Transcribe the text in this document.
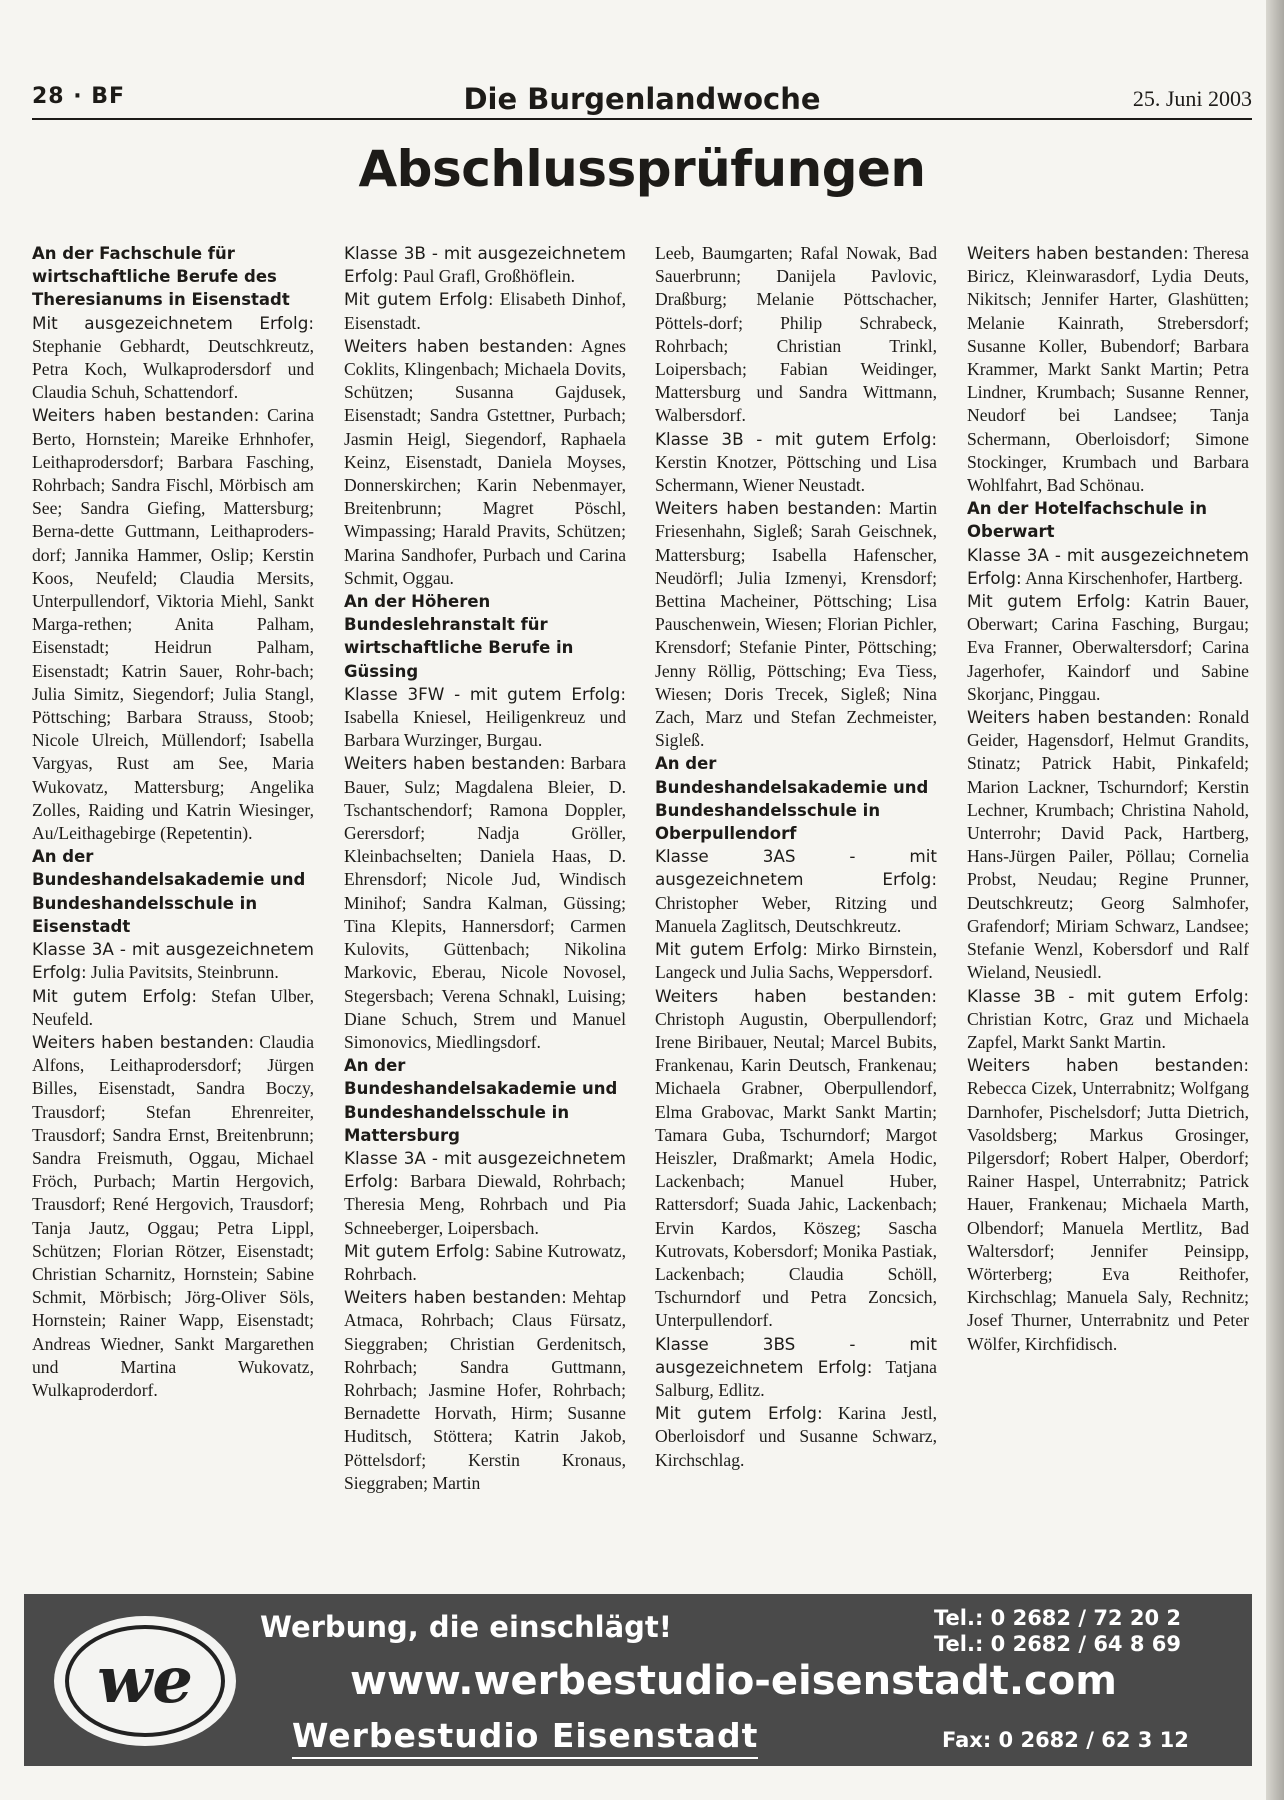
28 · BF	Die Burgenlandwoche	25. Juni 2003
Abschlussprüfungen
An der Fachschule für wirtschaftliche Berufe des Theresianums in Eisenstadt
Mit ausgezeichnetem Erfolg: Stephanie Gebhardt, Deutschkreutz, Petra Koch, Wulkaprodersdorf und Claudia Schuh, Schattendorf.
Weiters haben bestanden: Carina Berto, Hornstein; Mareike Erhnhofer, Leithaprodersdorf; Barbara Fasching, Rohrbach; Sandra Fischl, Mörbisch am See; Sandra Giefing, Mattersburg; Berna-dette Guttmann, Leithaproders-dorf; Jannika Hammer, Oslip; Kerstin Koos, Neufeld; Claudia Mersits, Unterpullendorf, Viktoria Miehl, Sankt Marga-rethen; Anita Palham, Eisenstadt; Heidrun Palham, Eisenstadt; Katrin Sauer, Rohr-bach; Julia Simitz, Siegendorf; Julia Stangl, Pöttsching; Barbara Strauss, Stoob; Nicole Ulreich, Müllendorf; Isabella Vargyas, Rust am See, Maria Wukovatz, Mattersburg; Angelika Zolles, Raiding und Katrin Wiesinger, Au/Leithagebirge (Repetentin).
An der Bundeshandelsakademie und Bundeshandelsschule in Eisenstadt
Klasse 3A - mit ausgezeichnetem Erfolg: Julia Pavitsits, Steinbrunn.
Mit gutem Erfolg: Stefan Ulber, Neufeld.
Weiters haben bestanden: Claudia Alfons, Leithaprodersdorf; Jürgen Billes, Eisenstadt, Sandra Boczy, Trausdorf; Stefan Ehrenreiter, Trausdorf; Sandra Ernst, Breitenbrunn; Sandra Freismuth, Oggau, Michael Fröch, Purbach; Martin Hergovich, Trausdorf; René Hergovich, Trausdorf; Tanja Jautz, Oggau; Petra Lippl, Schützen; Florian Rötzer, Eisenstadt; Christian Scharnitz, Hornstein; Sabine Schmit, Mörbisch; Jörg-Oliver Söls, Hornstein; Rainer Wapp, Eisenstadt; Andreas Wiedner, Sankt Margarethen und Martina Wukovatz, Wulkaproderdorf.
Klasse 3B - mit ausgezeichnetem Erfolg: Paul Grafl, Großhöflein.
Mit gutem Erfolg: Elisabeth Dinhof, Eisenstadt.
Weiters haben bestanden: Agnes Coklits, Klingenbach; Michaela Dovits, Schützen; Susanna Gajdusek, Eisenstadt; Sandra Gstettner, Purbach; Jasmin Heigl, Siegendorf, Raphaela Keinz, Eisenstadt, Daniela Moyses, Donnerskirchen; Karin Nebenmayer, Breitenbrunn; Magret Pöschl, Wimpassing; Harald Pravits, Schützen; Marina Sandhofer, Purbach und Carina Schmit, Oggau.
An der Höheren Bundeslehranstalt für wirtschaftliche Berufe in Güssing
Klasse 3FW - mit gutem Erfolg: Isabella Kniesel, Heiligenkreuz und Barbara Wurzinger, Burgau.
Weiters haben bestanden: Barbara Bauer, Sulz; Magdalena Bleier, D. Tschantschendorf; Ramona Doppler, Gerersdorf; Nadja Gröller, Kleinbachselten; Daniela Haas, D. Ehrensdorf; Nicole Jud, Windisch Minihof; Sandra Kalman, Güssing; Tina Klepits, Hannersdorf; Carmen Kulovits, Güttenbach; Nikolina Markovic, Eberau, Nicole Novosel, Stegersbach; Verena Schnakl, Luising; Diane Schuch, Strem und Manuel Simonovics, Miedlingsdorf.
An der Bundeshandelsakademie und Bundeshandelsschule in Mattersburg
Klasse 3A - mit ausgezeichnetem Erfolg: Barbara Diewald, Rohrbach; Theresia Meng, Rohrbach und Pia Schneeberger, Loipersbach.
Mit gutem Erfolg: Sabine Kutrowatz, Rohrbach.
Weiters haben bestanden: Mehtap Atmaca, Rohrbach; Claus Fürsatz, Sieggraben; Christian Gerdenitsch, Rohrbach; Sandra Guttmann, Rohrbach; Jasmine Hofer, Rohrbach; Bernadette Horvath, Hirm; Susanne Huditsch, Stöttera; Katrin Jakob, Pöttelsdorf; Kerstin Kronaus, Sieggraben; Martin
Leeb, Baumgarten; Rafal Nowak, Bad Sauerbrunn; Danijela Pavlovic, Draßburg; Melanie Pöttschacher, Pöttels-dorf; Philip Schrabeck, Rohrbach; Christian Trinkl, Loipersbach; Fabian Weidinger, Mattersburg und Sandra Wittmann, Walbersdorf.
Klasse 3B - mit gutem Erfolg: Kerstin Knotzer, Pöttsching und Lisa Schermann, Wiener Neustadt.
Weiters haben bestanden: Martin Friesenhahn, Sigleß; Sarah Geischnek, Mattersburg; Isabella Hafenscher, Neudörfl; Julia Izmenyi, Krensdorf; Bettina Macheiner, Pöttsching; Lisa Pauschenwein, Wiesen; Florian Pichler, Krensdorf; Stefanie Pinter, Pöttsching; Jenny Röllig, Pöttsching; Eva Tiess, Wiesen; Doris Trecek, Sigleß; Nina Zach, Marz und Stefan Zechmeister, Sigleß.
An der Bundeshandelsakademie und Bundeshandelsschule in Oberpullendorf
Klasse 3AS - mit ausgezeichnetem Erfolg: Christopher Weber, Ritzing und Manuela Zaglitsch, Deutschkreutz.
Mit gutem Erfolg: Mirko Birnstein, Langeck und Julia Sachs, Weppersdorf.
Weiters haben bestanden: Christoph Augustin, Oberpullendorf; Irene Biribauer, Neutal; Marcel Bubits, Frankenau, Karin Deutsch, Frankenau; Michaela Grabner, Oberpullendorf, Elma Grabovac, Markt Sankt Martin; Tamara Guba, Tschurndorf; Margot Heiszler, Draßmarkt; Amela Hodic, Lackenbach; Manuel Huber, Rattersdorf; Suada Jahic, Lackenbach; Ervin Kardos, Köszeg; Sascha Kutrovats, Kobersdorf; Monika Pastiak, Lackenbach; Claudia Schöll, Tschurndorf und Petra Zoncsich, Unterpullendorf.
Klasse 3BS - mit ausgezeichnetem Erfolg: Tatjana Salburg, Edlitz.
Mit gutem Erfolg: Karina Jestl, Oberloisdorf und Susanne Schwarz, Kirchschlag.
Weiters haben bestanden: Theresa Biricz, Kleinwarasdorf, Lydia Deuts, Nikitsch; Jennifer Harter, Glashütten; Melanie Kainrath, Strebersdorf; Susanne Koller, Bubendorf; Barbara Krammer, Markt Sankt Martin; Petra Lindner, Krumbach; Susanne Renner, Neudorf bei Landsee; Tanja Schermann, Oberloisdorf; Simone Stockinger, Krumbach und Barbara Wohlfahrt, Bad Schönau.
An der Hotelfachschule in Oberwart
Klasse 3A - mit ausgezeichnetem Erfolg: Anna Kirschenhofer, Hartberg.
Mit gutem Erfolg: Katrin Bauer, Oberwart; Carina Fasching, Burgau; Eva Franner, Oberwaltersdorf; Carina Jagerhofer, Kaindorf und Sabine Skorjanc, Pinggau.
Weiters haben bestanden: Ronald Geider, Hagensdorf, Helmut Grandits, Stinatz; Patrick Habit, Pinkafeld; Marion Lackner, Tschurndorf; Kerstin Lechner, Krumbach; Christina Nahold, Unterrohr; David Pack, Hartberg, Hans-Jürgen Pailer, Pöllau; Cornelia Probst, Neudau; Regine Prunner, Deutschkreutz; Georg Salmhofer, Grafendorf; Miriam Schwarz, Landsee; Stefanie Wenzl, Kobersdorf und Ralf Wieland, Neusiedl.
Klasse 3B - mit gutem Erfolg: Christian Kotrc, Graz und Michaela Zapfel, Markt Sankt Martin.
Weiters haben bestanden: Rebecca Cizek, Unterrabnitz; Wolfgang Darnhofer, Pischelsdorf; Jutta Dietrich, Vasoldsberg; Markus Grosinger, Pilgersdorf; Robert Halper, Oberdorf; Rainer Haspel, Unterrabnitz; Patrick Hauer, Frankenau; Michaela Marth, Olbendorf; Manuela Mertlitz, Bad Waltersdorf; Jennifer Peinsipp, Wörterberg; Eva Reithofer, Kirchschlag; Manuela Saly, Rechnitz; Josef Thurner, Unterrabnitz und Peter Wölfer, Kirchfidisch.
we
Werbung, die einschlägt!	Tel.: 0 2682 / 72 20 2
Tel.: 0 2682 / 64 8 69
www.werbestudio-eisenstadt.com
Werbestudio Eisenstadt	Fax: 0 2682 / 62 3 12
